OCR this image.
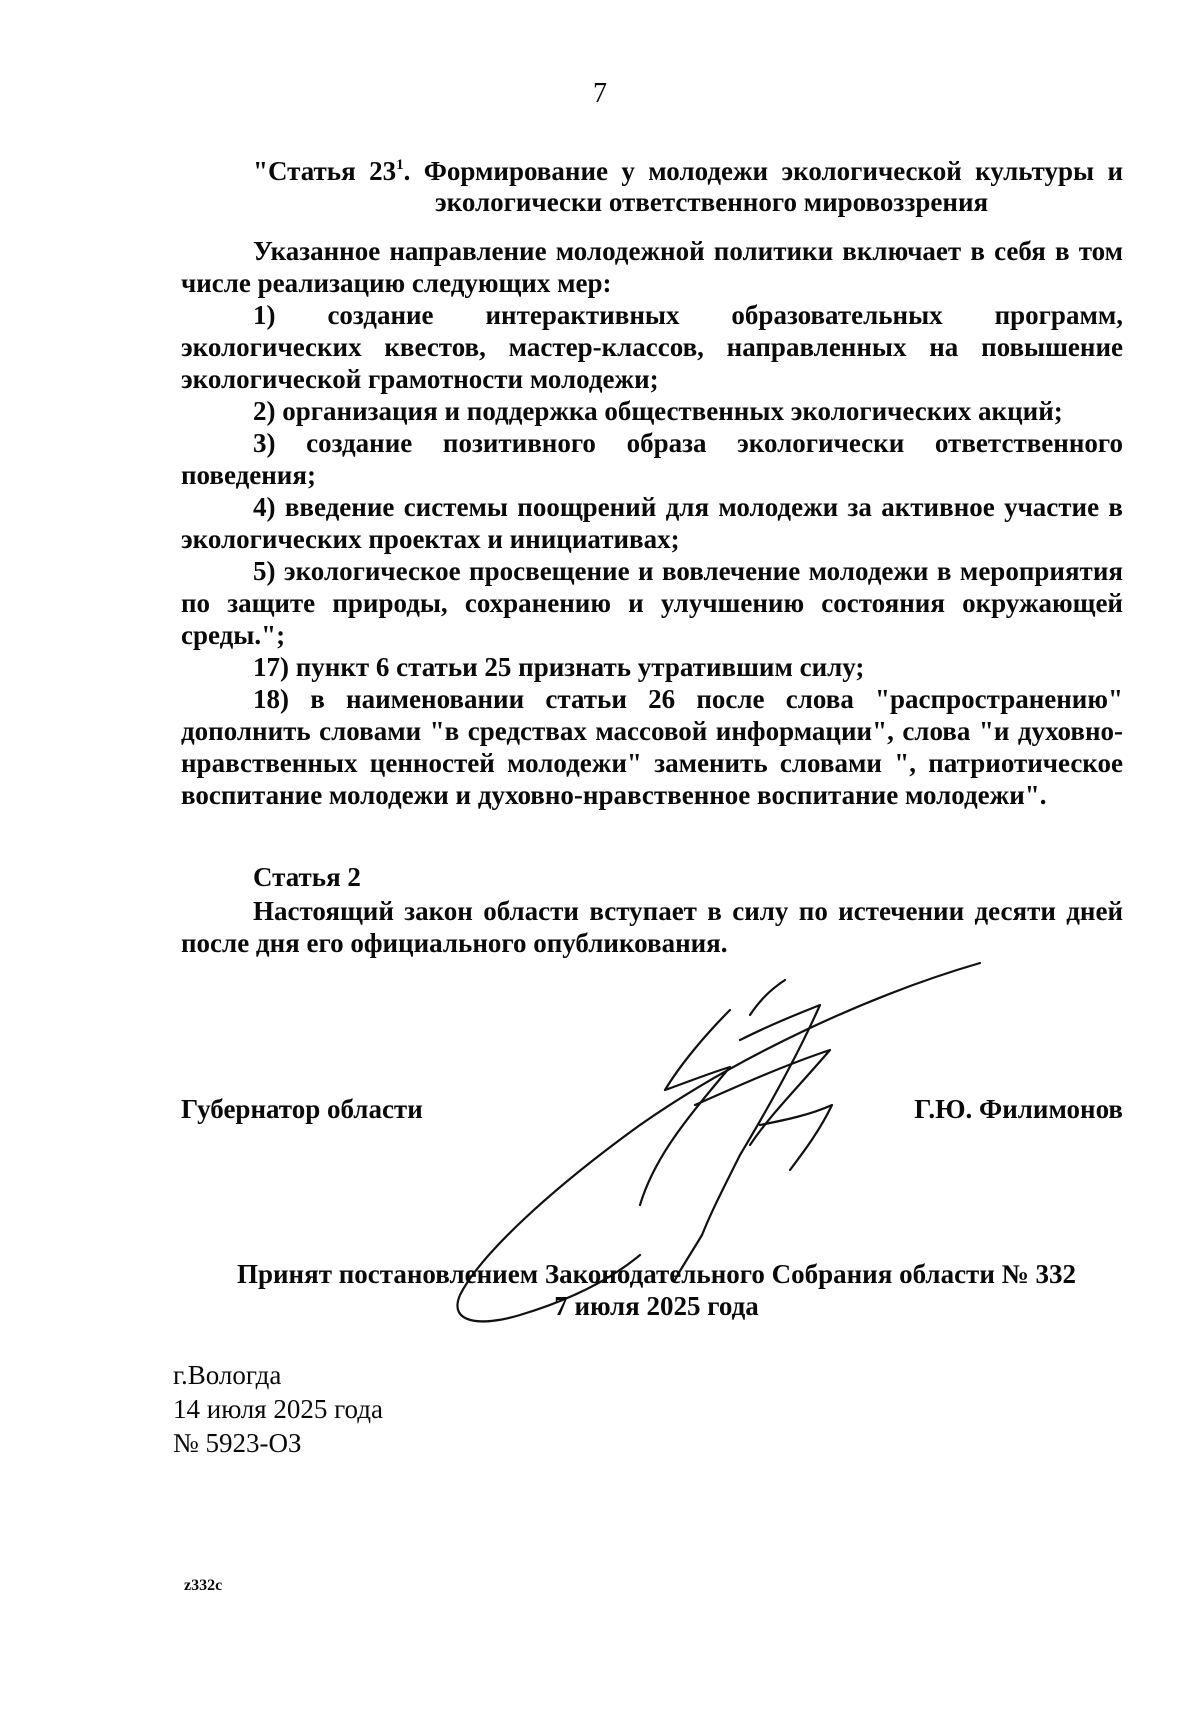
7
"Статья $23^1$. Формирование у молодежи экологической культуры и
экологически ответственного мировоззрения

Указанное направление молодежной политики включает в себя в том числе реализацию следующих мер:

1) создание интерактивных образовательных программ, экологических квестов, мастер-классов, направленных на повышение экологической грамотности молодежи;

2) организация и поддержка общественных экологических акций;

3) создание позитивного образа экологически ответственного поведения;

4) введение системы поощрений для молодежи за активное участие в экологических проектах и инициативах;

5) экологическое просвещение и вовлечение молодежи в мероприятия по защите природы, сохранению и улучшению состояния окружающей среды.";

17) пункт 6 статьи 25 признать утратившим силу;

18) в наименовании статьи 26 после слова "распространению" дополнить словами "в средствах массовой информации", слова "и духовно-нравственных ценностей молодежи" заменить словами ", патриотическое воспитание молодежи и духовно-нравственное воспитание молодежи".

Статья 2

Настоящий закон области вступает в силу по истечении десяти дней после дня его официального опубликования.

Губернатор области	Г.Ю. Филимонов
Принят постановлением Законодательного Собрания области № 332
7 июля 2025 года
г.Вологда
14 июля 2025 года
№ 5923-ОЗ
z332c
